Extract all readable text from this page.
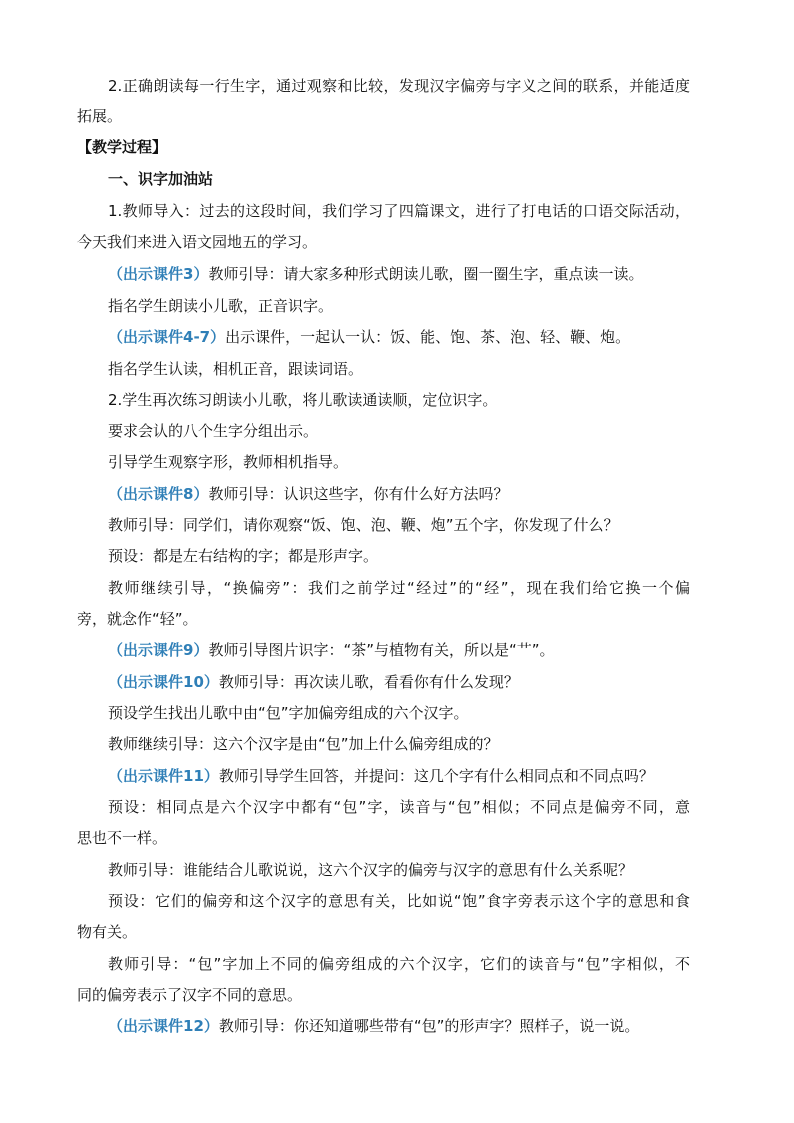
2.正确朗读每一行生字，通过观察和比较，发现汉字偏旁与字义之间的联系，并能适度
拓展。
【教学过程】
一、识字加油站
1.教师导入：过去的这段时间，我们学习了四篇课文，进行了打电话的口语交际活动，
今天我们来进入语文园地五的学习。
（出示课件3）教师引导：请大家多种形式朗读儿歌，圈一圈生字，重点读一读。
指名学生朗读小儿歌，正音识字。
（出示课件4-7）出示课件，一起认一认：饭、能、饱、茶、泡、轻、鞭、炮。
指名学生认读，相机正音，跟读词语。
2.学生再次练习朗读小儿歌，将儿歌读通读顺，定位识字。
要求会认的八个生字分组出示。
引导学生观察字形，教师相机指导。
（出示课件8）教师引导：认识这些字，你有什么好方法吗？
教师引导：同学们，请你观察“饭、饱、泡、鞭、炮”五个字，你发现了什么？
预设：都是左右结构的字；都是形声字。
教师继续引导，“换偏旁”：我们之前学过“经过”的“经”，现在我们给它换一个偏
旁，就念作“轻”。
（出示课件9）教师引导图片识字：“茶”与植物有关，所以是“艹”。
（出示课件10）教师引导：再次读儿歌，看看你有什么发现？
预设学生找出儿歌中由“包”字加偏旁组成的六个汉字。
教师继续引导：这六个汉字是由“包”加上什么偏旁组成的？
（出示课件11）教师引导学生回答，并提问：这几个字有什么相同点和不同点吗？
预设：相同点是六个汉字中都有“包”字，读音与“包”相似；不同点是偏旁不同，意
思也不一样。
教师引导：谁能结合儿歌说说，这六个汉字的偏旁与汉字的意思有什么关系呢？
预设：它们的偏旁和这个汉字的意思有关，比如说“饱”食字旁表示这个字的意思和食
物有关。
教师引导：“包”字加上不同的偏旁组成的六个汉字，它们的读音与“包”字相似，不
同的偏旁表示了汉字不同的意思。
（出示课件12）教师引导：你还知道哪些带有“包”的形声字？照样子，说一说。
